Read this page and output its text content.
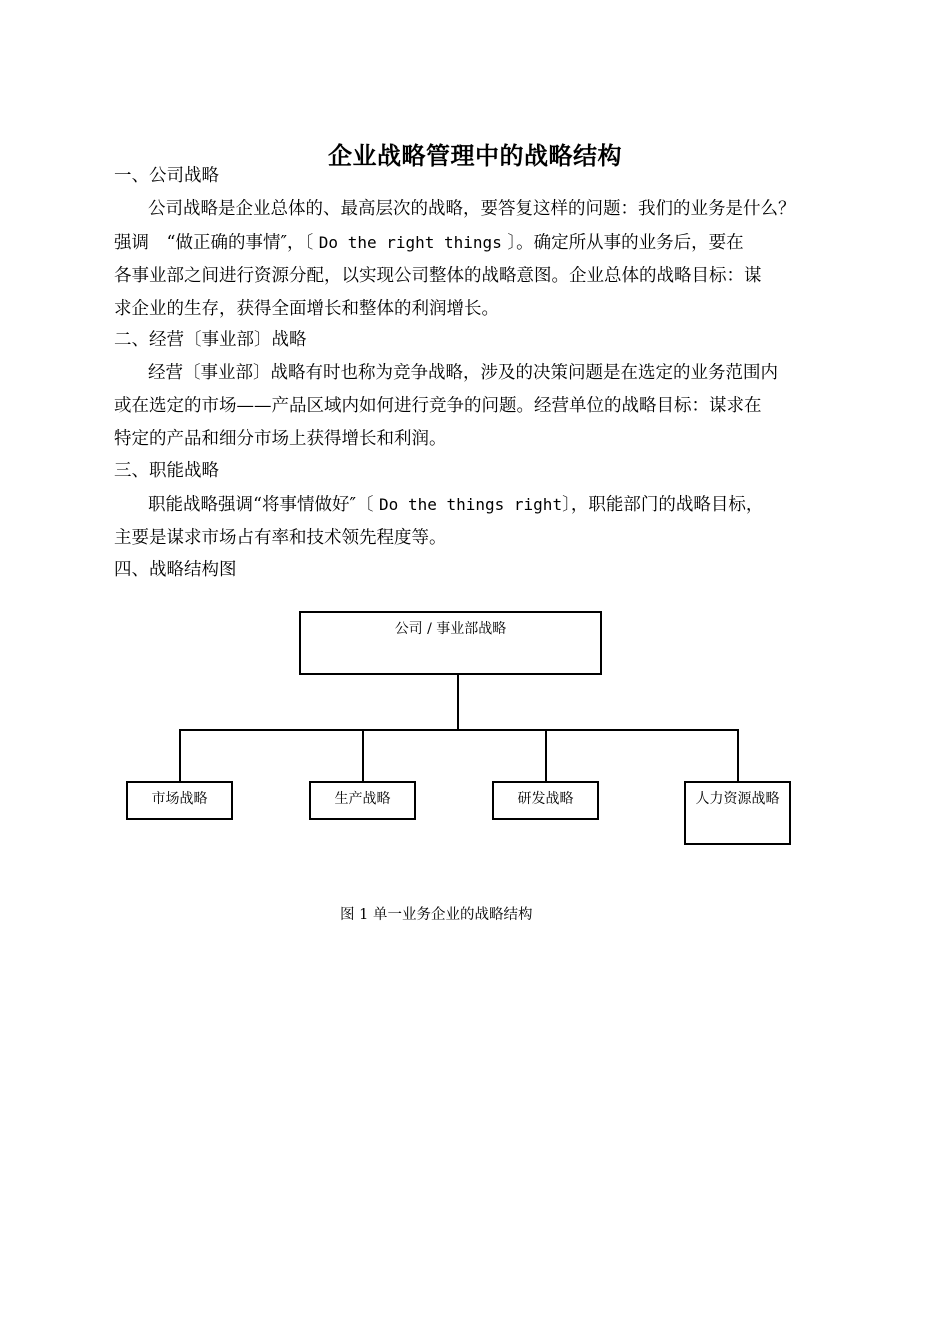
企业战略管理中的战略结构
一、公司战略
公司战略是企业总体的、最高层次的战略，要答复这样的问题：我们的业务是什么？
强调　“做正确的事情″，〔 Do the right things 〕。确定所从事的业务后，要在
各事业部之间进行资源分配，以实现公司整体的战略意图。企业总体的战略目标：谋
求企业的生存，获得全面增长和整体的利润增长。
二、经营〔事业部〕战略
经营〔事业部〕战略有时也称为竞争战略，涉及的决策问题是在选定的业务范围内
或在选定的市场——产品区域内如何进行竞争的问题。经营单位的战略目标：谋求在
特定的产品和细分市场上获得增长和利润。
三、职能战略
职能战略强调“将事情做好″〔 Do the things right〕，职能部门的战略目标，
主要是谋求市场占有率和技术领先程度等。
四、战略结构图
公司 / 事业部战略
市场战略	生产战略	研发战略	人力资源战略
图 1 单一业务企业的战略结构
